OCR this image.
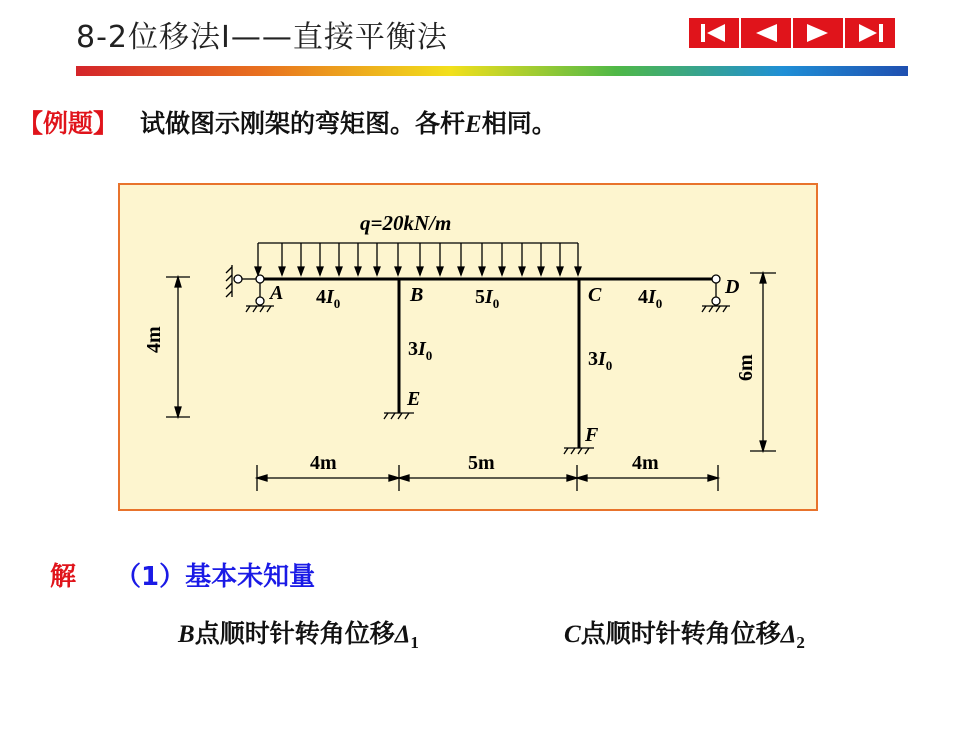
8-2位移法Ⅰ——直接平衡法
【例题】 试做图示刚架的弯矩图。各杆E相同。
q=20kN/m
A	B	C	D
E
F
$4I_0$	$5I_0$	$4I_0$
$3I_0$	$3I_0$
4m
6m
4m	5m	4m
解 （1）基本未知量
B点顺时针转角位移$\Delta_1$	C点顺时针转角位移$\Delta_2$
